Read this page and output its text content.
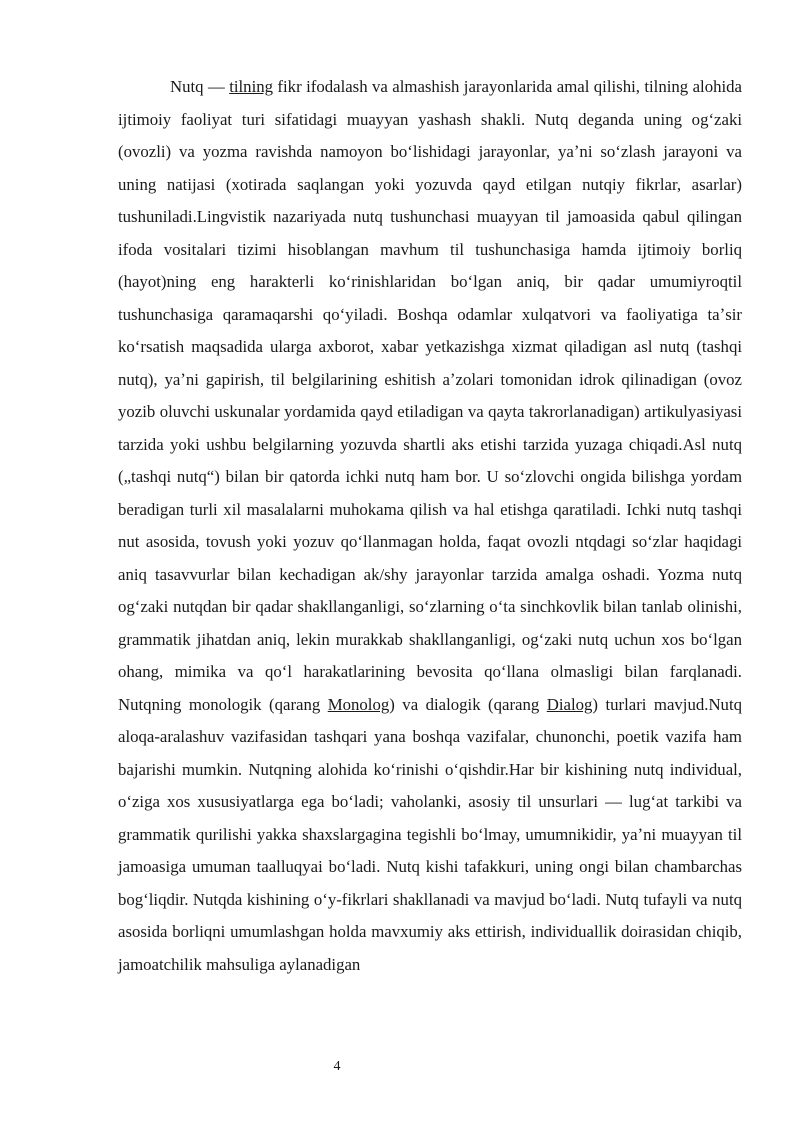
Nutq — tilning fikr ifodalash va almashish jarayonlarida amal qilishi, tilning alohida ijtimoiy faoliyat turi sifatidagi muayyan yashash shakli. Nutq deganda uning ogʻzaki (ovozli) va yozma ravishda namoyon boʻlishidagi jarayonlar, yaʼni soʻzlash jarayoni va uning natijasi (xotirada saqlangan yoki yozuvda qayd etilgan nutqiy fikrlar, asarlar) tushuniladi.Lingvistik nazariyada nutq tushunchasi muayyan til jamoasida qabul qilingan ifoda vositalari tizimi hisoblangan mavhum til tushunchasiga hamda ijtimoiy borliq (hayot)ning eng harakterli koʻrinishlaridan boʻlgan aniq, bir qadar umumiyroqtil tushunchasiga qaramaqarshi qoʻyiladi. Boshqa odamlar xulqatvori va faoliyatiga taʼsir koʻrsatish maqsadida ularga axborot, xabar yetkazishga xizmat qiladigan asl nutq (tashqi nutq), yaʼni gapirish, til belgilarining eshitish aʼzolari tomonidan idrok qilinadigan (ovoz yozib oluvchi uskunalar yordamida qayd etiladigan va qayta takrorlanadigan) artikulyasiyasi tarzida yoki ushbu belgilarning yozuvda shartli aks etishi tarzida yuzaga chiqadi.Asl nutq („tashqi nutq“) bilan bir qatorda ichki nutq ham bor. U soʻzlovchi ongida bilishga yordam beradigan turli xil masalalarni muhokama qilish va hal etishga qaratiladi. Ichki nutq tashqi nut asosida, tovush yoki yozuv qoʻllanmagan holda, faqat ovozli ntqdagi soʻzlar haqidagi aniq tasavvurlar bilan kechadigan ak/shy jarayonlar tarzida amalga oshadi. Yozma nutq ogʻzaki nutqdan bir qadar shakllanganligi, soʻzlarning oʻta sinchkovlik bilan tanlab olinishi, grammatik jihatdan aniq, lekin murakkab shakllanganligi, ogʻzaki nutq uchun xos boʻlgan ohang, mimika va qoʻl harakatlarining bevosita qoʻllana olmasligi bilan farqlanadi. Nutqning monologik (qarang Monolog) va dialogik (qarang Dialog) turlari mavjud.Nutq aloqa-aralashuv vazifasidan tashqari yana boshqa vazifalar, chunonchi, poetik vazifa ham bajarishi mumkin. Nutqning alohida koʻrinishi oʻqishdir.Har bir kishining nutq individual, oʻziga xos xususiyatlarga ega boʻladi; vaholanki, asosiy til unsurlari — lugʻat tarkibi va grammatik qurilishi yakka shaxslargagina tegishli boʻlmay, umumnikidir, yaʼni muayyan til jamoasiga umuman taalluqyai boʻladi. Nutq kishi tafakkuri, uning ongi bilan chambarchas bogʻliqdir. Nutqda kishining oʻy-fikrlari shakllanadi va mavjud boʻladi. Nutq tufayli va nutq asosida borliqni umumlashgan holda mavxumiy aks ettirish, individuallik doirasidan chiqib, jamoatchilik mahsuliga aylanadigan

4
